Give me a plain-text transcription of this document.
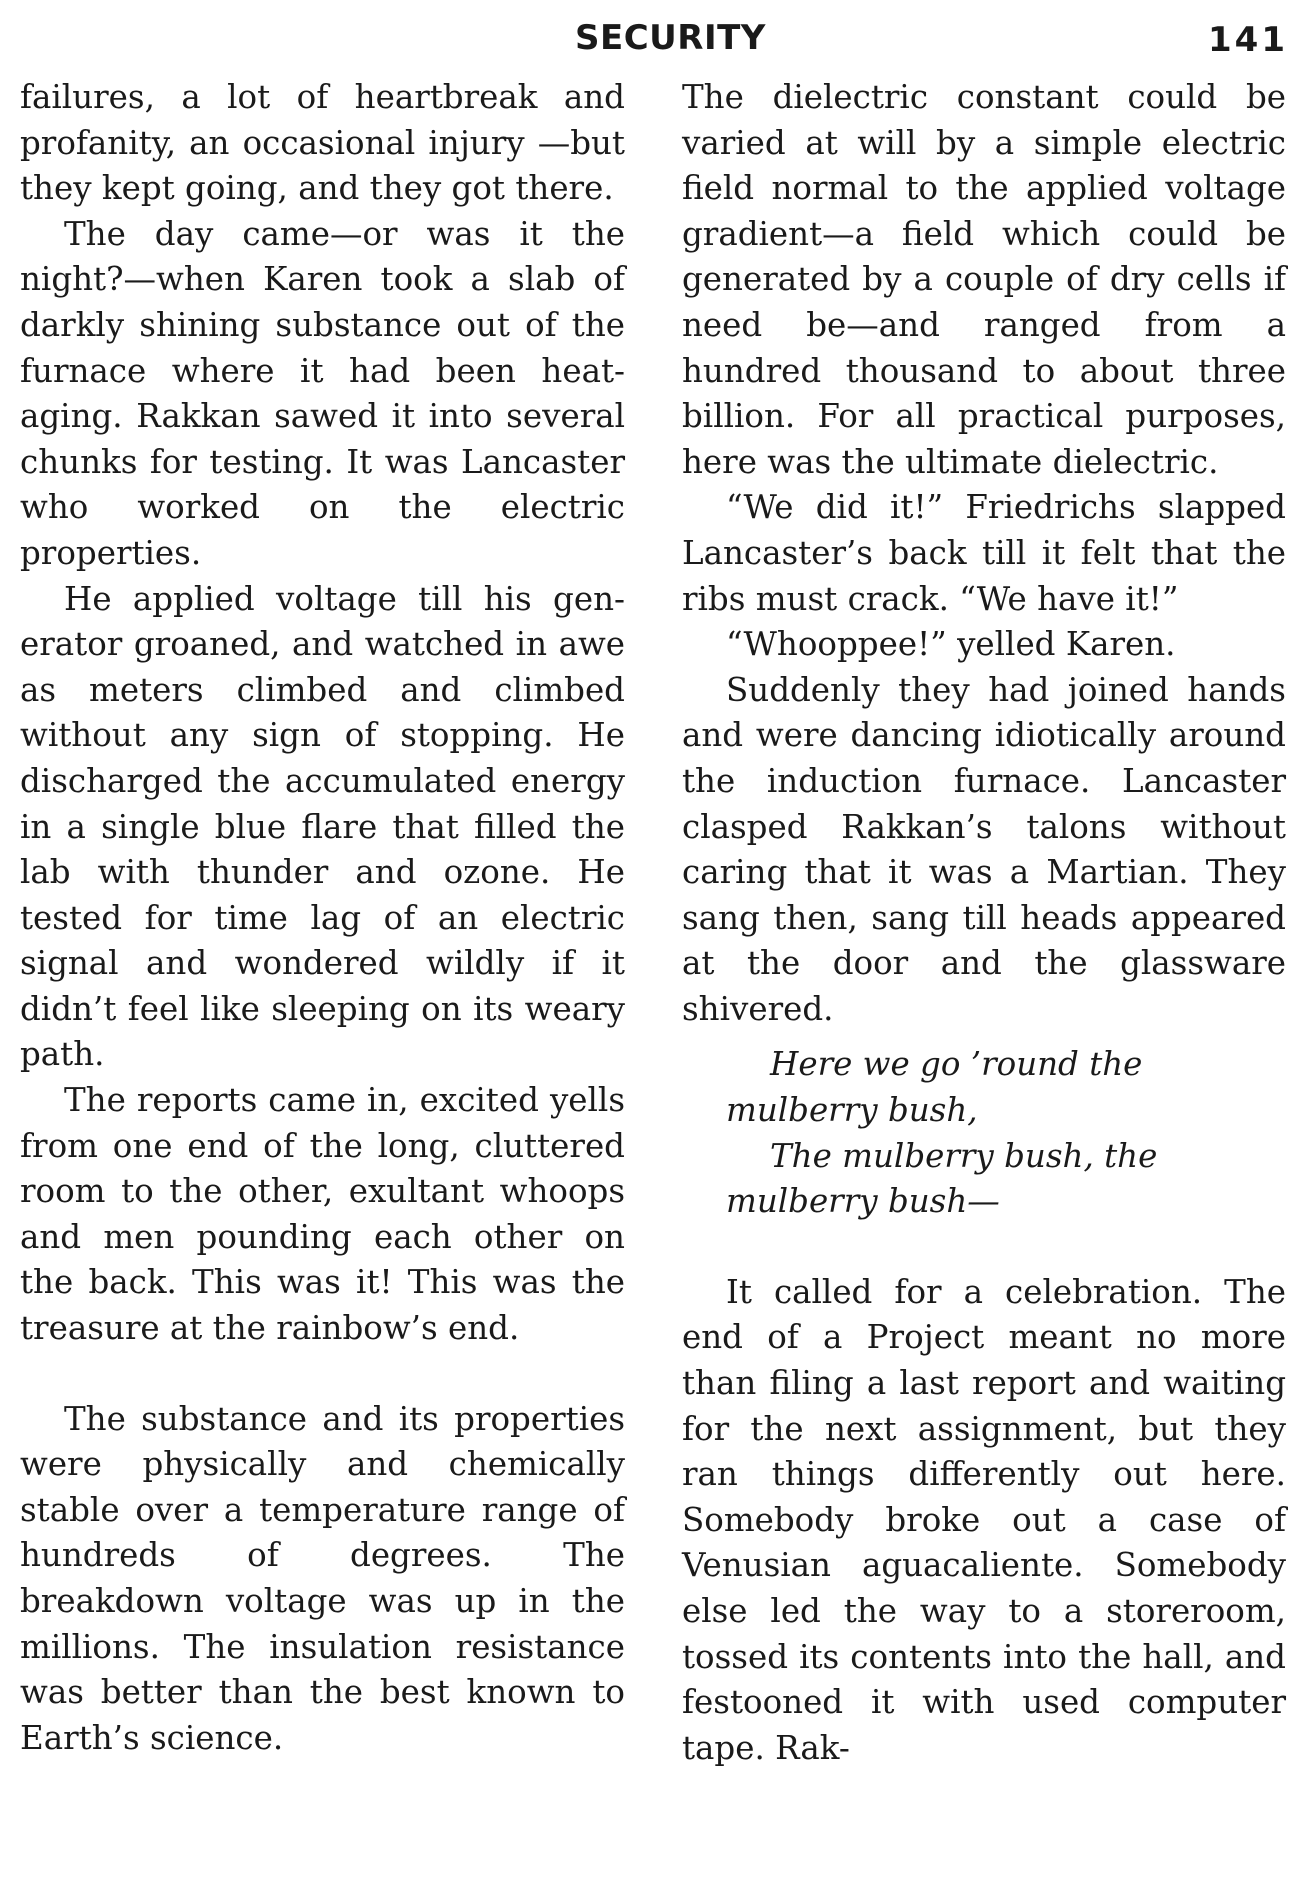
SECURITY	141

failures, a lot of heartbreak and profanity, an occasional injury —but they kept going, and they got there.

The day came—or was it the night?—when Karen took a slab of darkly shining substance out of the furnace where it had been heat-aging. Rakkan sawed it into several chunks for testing. It was Lancaster who worked on the electric properties.

He applied voltage till his generator groaned, and watched in awe as meters climbed and climbed without any sign of stopping. He discharged the accumulated energy in a single blue flare that filled the lab with thunder and ozone. He tested for time lag of an electric signal and wondered wildly if it didn’t feel like sleeping on its weary path.

The reports came in, excited yells from one end of the long, cluttered room to the other, exultant whoops and men pounding each other on the back. This was it! This was the treasure at the rainbow’s end.

The substance and its properties were physically and chemically stable over a temperature range of hundreds of degrees. The breakdown voltage was up in the millions. The insulation resistance was better than the best known to Earth’s science.

The dielectric constant could be varied at will by a simple electric field normal to the applied voltage gradient—a field which could be generated by a couple of dry cells if need be—and ranged from a hundred thousand to about three billion. For all practical purposes, here was the ultimate dielectric.

“We did it!” Friedrichs slapped Lancaster’s back till it felt that the ribs must crack. “We have it!”

“Whooppee!” yelled Karen.

Suddenly they had joined hands and were dancing idiotically around the induction furnace. Lancaster clasped Rakkan’s talons without caring that it was a Martian. They sang then, sang till heads appeared at the door and the glassware shivered.

Here we go ’round the mulberry bush,

The mulberry bush, the mulberry bush—

It called for a celebration. The end of a Project meant no more than filing a last report and waiting for the next assignment, but they ran things differently out here. Somebody broke out a case of Venusian aguacaliente. Somebody else led the way to a storeroom, tossed its contents into the hall, and festooned it with used computer tape. Rak-
